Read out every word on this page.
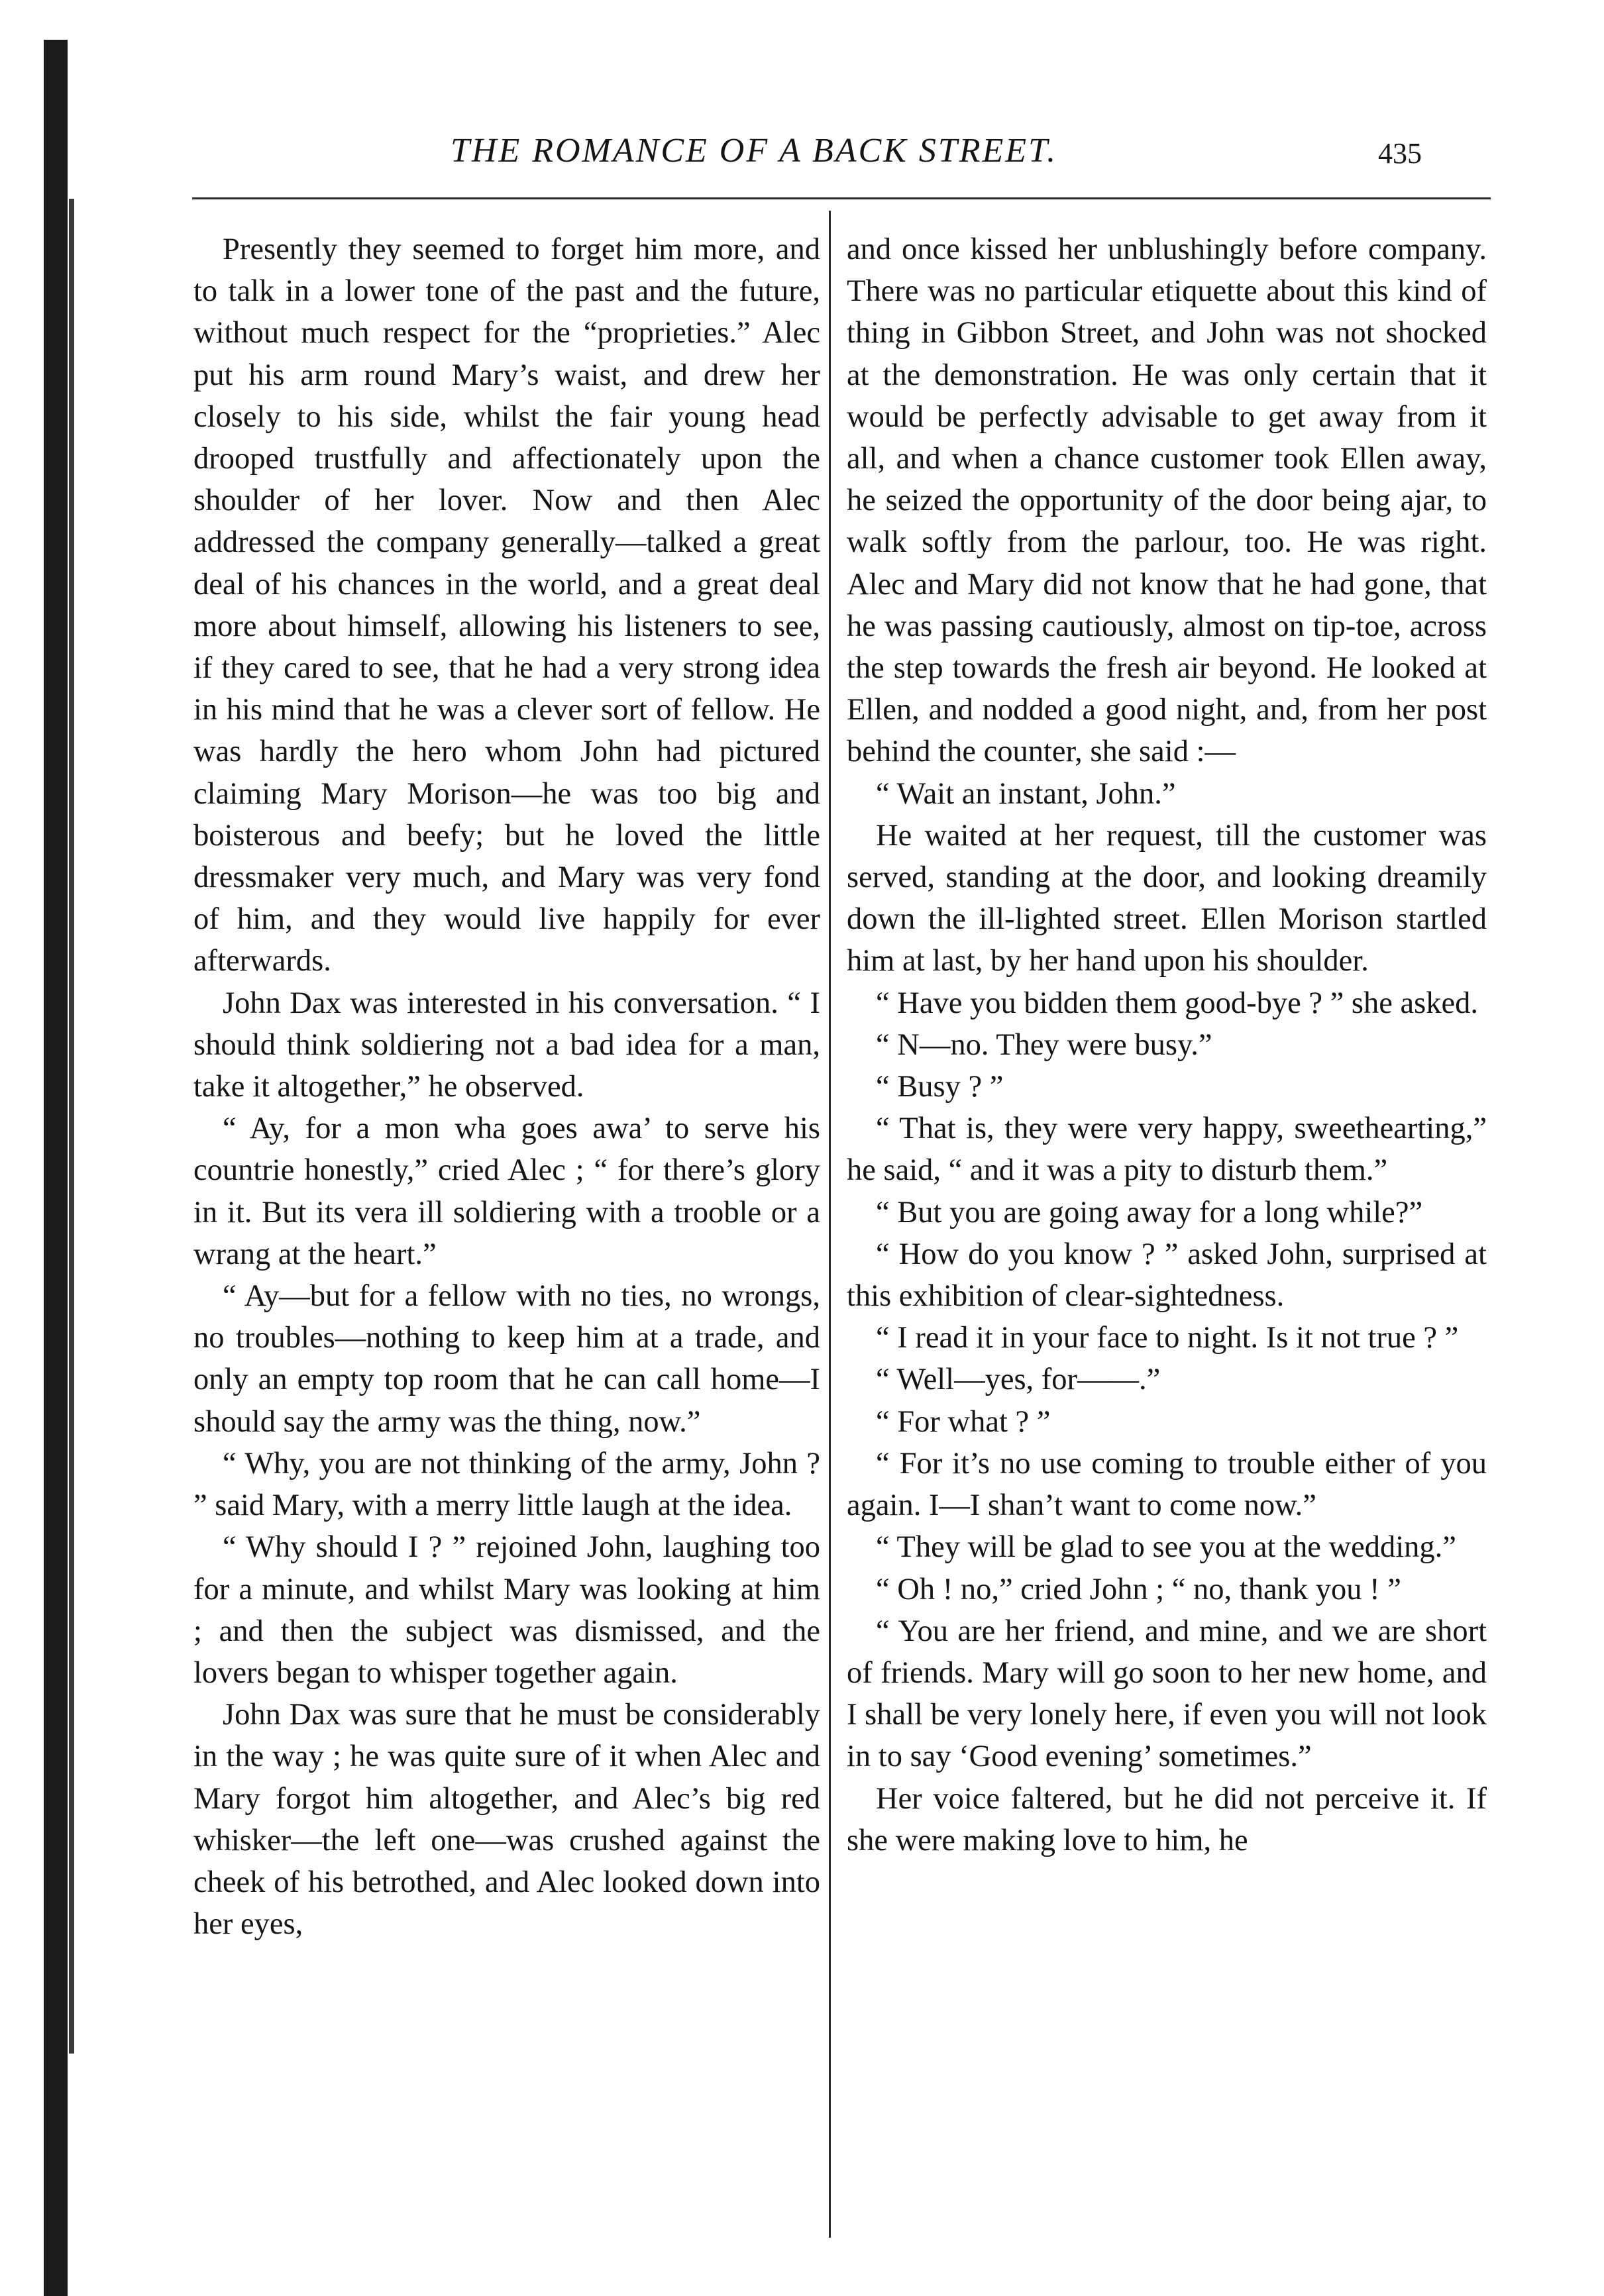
THE ROMANCE OF A BACK STREET.	435

Presently they seemed to forget him more, and to talk in a lower tone of the past and the future, without much respect for the “proprieties.” Alec put his arm round Mary’s waist, and drew her closely to his side, whilst the fair young head drooped trustfully and affectionately upon the shoulder of her lover. Now and then Alec addressed the company generally—talked a great deal of his chances in the world, and a great deal more about himself, allowing his listeners to see, if they cared to see, that he had a very strong idea in his mind that he was a clever sort of fellow. He was hardly the hero whom John had pictured claiming Mary Morison—he was too big and boisterous and beefy; but he loved the little dressmaker very much, and Mary was very fond of him, and they would live happily for ever afterwards.

John Dax was interested in his conversation. “ I should think soldiering not a bad idea for a man, take it altogether,” he observed.

“ Ay, for a mon wha goes awa’ to serve his countrie honestly,” cried Alec ; “ for there’s glory in it. But its vera ill soldiering with a trooble or a wrang at the heart.”

“ Ay—but for a fellow with no ties, no wrongs, no troubles—nothing to keep him at a trade, and only an empty top room that he can call home—I should say the army was the thing, now.”

“ Why, you are not thinking of the army, John ? ” said Mary, with a merry little laugh at the idea.

“ Why should I ? ” rejoined John, laughing too for a minute, and whilst Mary was looking at him ; and then the subject was dismissed, and the lovers began to whisper together again.

John Dax was sure that he must be considerably in the way ; he was quite sure of it when Alec and Mary forgot him altogether, and Alec’s big red whisker—the left one—was crushed against the cheek of his betrothed, and Alec looked down into her eyes,

and once kissed her unblushingly before company. There was no particular etiquette about this kind of thing in Gibbon Street, and John was not shocked at the demonstration. He was only certain that it would be perfectly advisable to get away from it all, and when a chance customer took Ellen away, he seized the opportunity of the door being ajar, to walk softly from the parlour, too. He was right. Alec and Mary did not know that he had gone, that he was passing cautiously, almost on tip-toe, across the step towards the fresh air beyond. He looked at Ellen, and nodded a good night, and, from her post behind the counter, she said :—

“ Wait an instant, John.”

He waited at her request, till the customer was served, standing at the door, and looking dreamily down the ill-lighted street. Ellen Morison startled him at last, by her hand upon his shoulder.

“ Have you bidden them good-bye ? ” she asked.

“ N—no. They were busy.”

“ Busy ? ”

“ That is, they were very happy, sweethearting,” he said, “ and it was a pity to disturb them.”

“ But you are going away for a long while?”

“ How do you know ? ” asked John, surprised at this exhibition of clear-sightedness.

“ I read it in your face to night. Is it not true ? ”

“ Well—yes, for——.”

“ For what ? ”

“ For it’s no use coming to trouble either of you again. I—I shan’t want to come now.”

“ They will be glad to see you at the wedding.”

“ Oh ! no,” cried John ; “ no, thank you ! ”

“ You are her friend, and mine, and we are short of friends. Mary will go soon to her new home, and I shall be very lonely here, if even you will not look in to say ‘Good evening’ sometimes.”

Her voice faltered, but he did not perceive it. If she were making love to him, he
